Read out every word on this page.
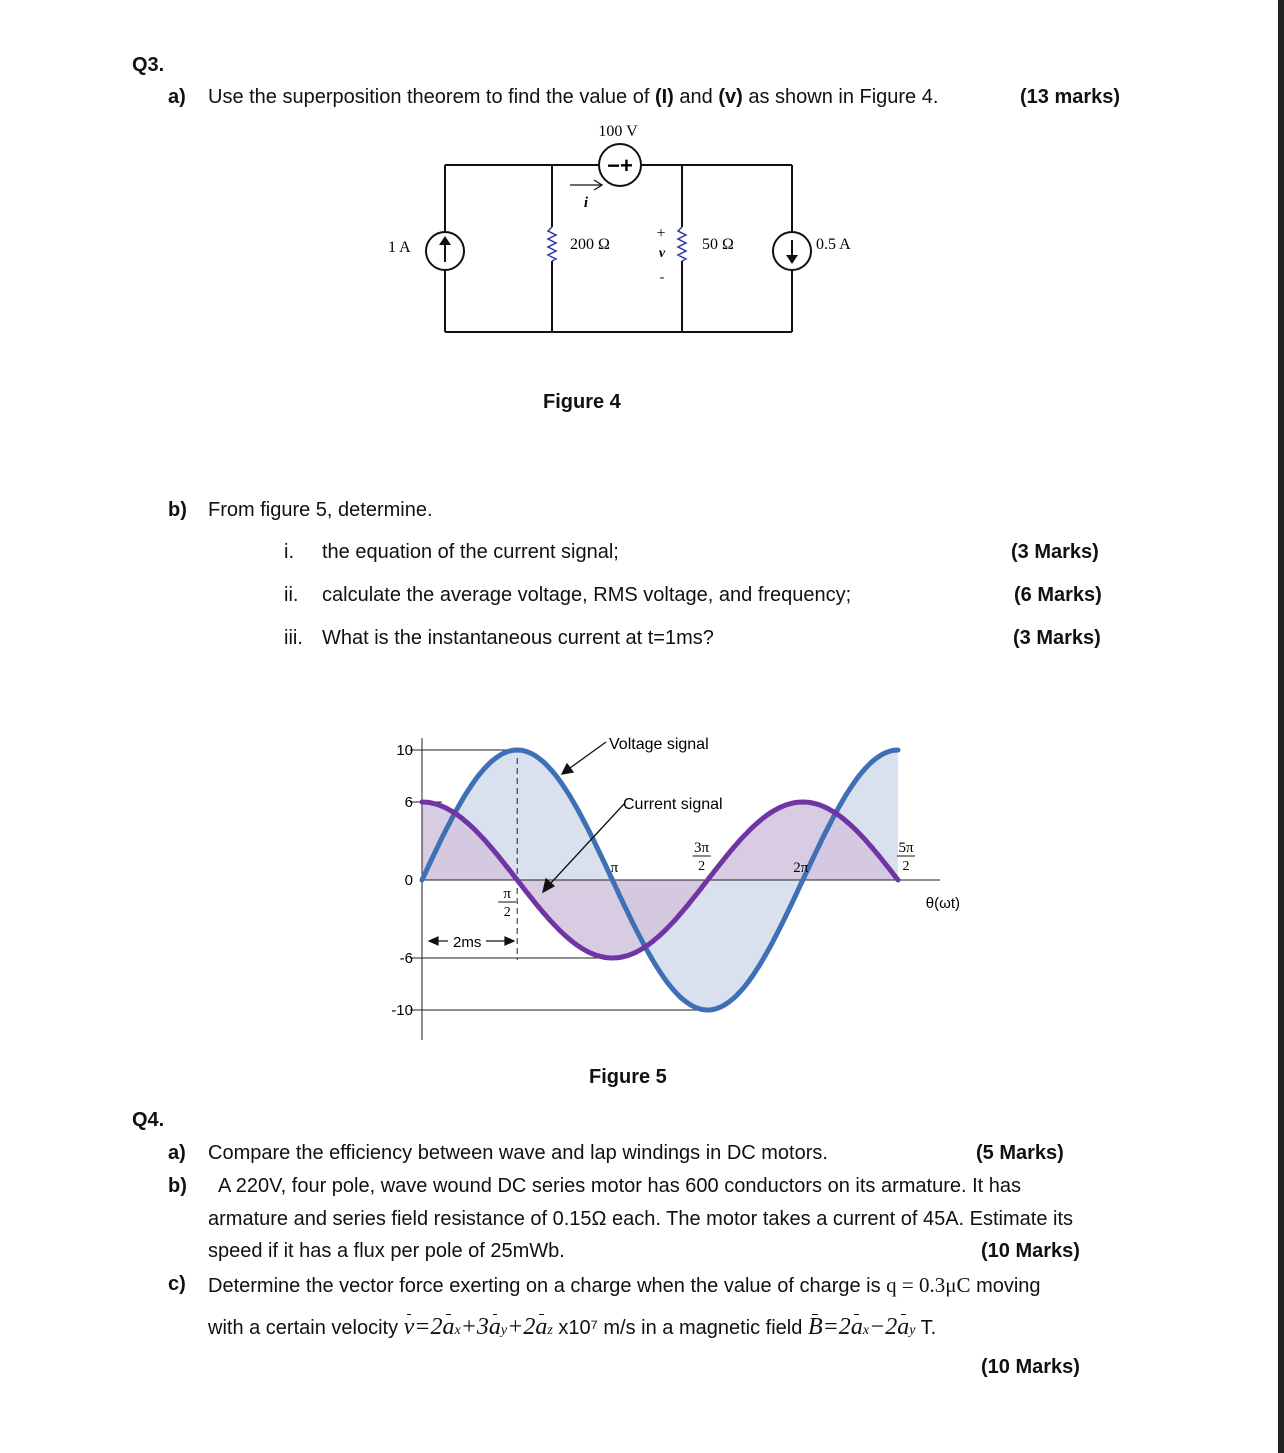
Q3.
a) Use the superposition theorem to find the value of (I) and (v) as shown in Figure 4.	(13 marks)
−+
100 V
i
1 A	0.5 A
200 Ω	50 Ω
+
v
-
Figure 4
b) From figure 5, determine.
i. the equation of the current signal;	(3 Marks)
ii. calculate the average voltage, RMS voltage, and frequency;	(6 Marks)
iii. What is the instantaneous current at t=1ms?	(3 Marks)
10
6
0
-6
-10
π
2
π
3π
2	2π
5π
2
Voltage signal
Current signal
2ms
θ(ωt)
Figure 5
Q4.
a) Compare the efficiency between wave and lap windings in DC motors.	(5 Marks)
b) A 220V, four pole, wave wound DC series motor has 600 conductors on its armature. It has
armature and series field resistance of 0.15Ω each. The motor takes a current of 45A. Estimate its
speed if it has a flux per pole of 25mWb.	(10 Marks)
c) Determine the vector force exerting on a charge when the value of charge is q = 0.3μC moving
with a certain velocity v=2ax+3ay+2az x10⁷ m/s in a magnetic field B=2ax−2ay T.
(10 Marks)
